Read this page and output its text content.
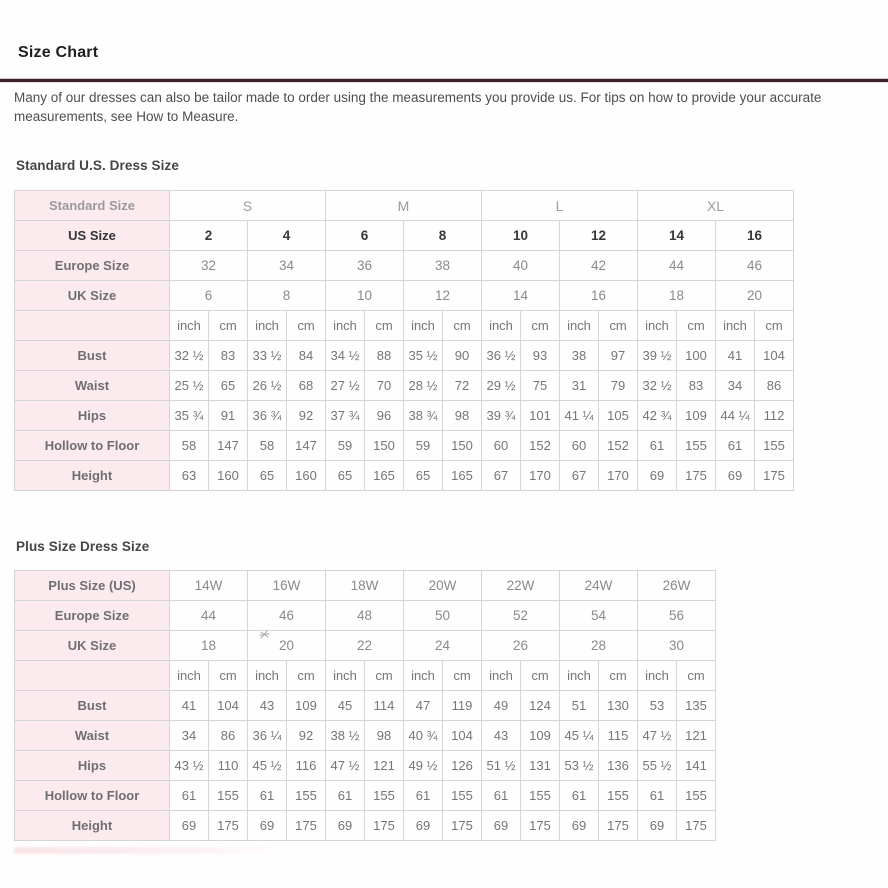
Size Chart

Many of our dresses can also be tailor made to order using the measurements you provide us. For tips on how to provide your accurate measurements, see How to Measure.

Standard U.S. Dress Size
Standard Size	S				M				L				XL			
US Size	2		4		6		8		10		12		14		16	
Europe Size	32		34		36		38		40		42		44		46	
UK Size	6		8		10		12		14		16		18		20	
	inch	cm	inch	cm	inch	cm	inch	cm	inch	cm	inch	cm	inch	cm	inch	cm
Bust	32 ½	83	33 ½	84	34 ½	88	35 ½	90	36 ½	93	38	97	39 ½	100	41	104
Waist	25 ½	65	26 ½	68	27 ½	70	28 ½	72	29 ½	75	31	79	32 ½	83	34	86
Hips	35 ¾	91	36 ¾	92	37 ¾	96	38 ¾	98	39 ¾	101	41 ¼	105	42 ¾	109	44 ¼	112
Hollow to Floor	58	147	58	147	59	150	59	150	60	152	60	152	61	155	61	155
Height	63	160	65	160	65	165	65	165	67	170	67	170	69	175	69	175
Plus Size Dress Size
Plus Size (US)	14W		16W		18W		20W		22W		24W		26W	
Europe Size	44		46		48		50		52		54		56	
UK Size	18		20		22		24		26		28		30	
	inch	cm	inch	cm	inch	cm	inch	cm	inch	cm	inch	cm	inch	cm
Bust	41	104	43	109	45	114	47	119	49	124	51	130	53	135
Waist	34	86	36 ¼	92	38 ½	98	40 ¾	104	43	109	45 ¼	115	47 ½	121
Hips	43 ½	110	45 ½	116	47 ½	121	49 ½	126	51 ½	131	53 ½	136	55 ½	141
Hollow to Floor	61	155	61	155	61	155	61	155	61	155	61	155	61	155
Height	69	175	69	175	69	175	69	175	69	175	69	175	69	175
